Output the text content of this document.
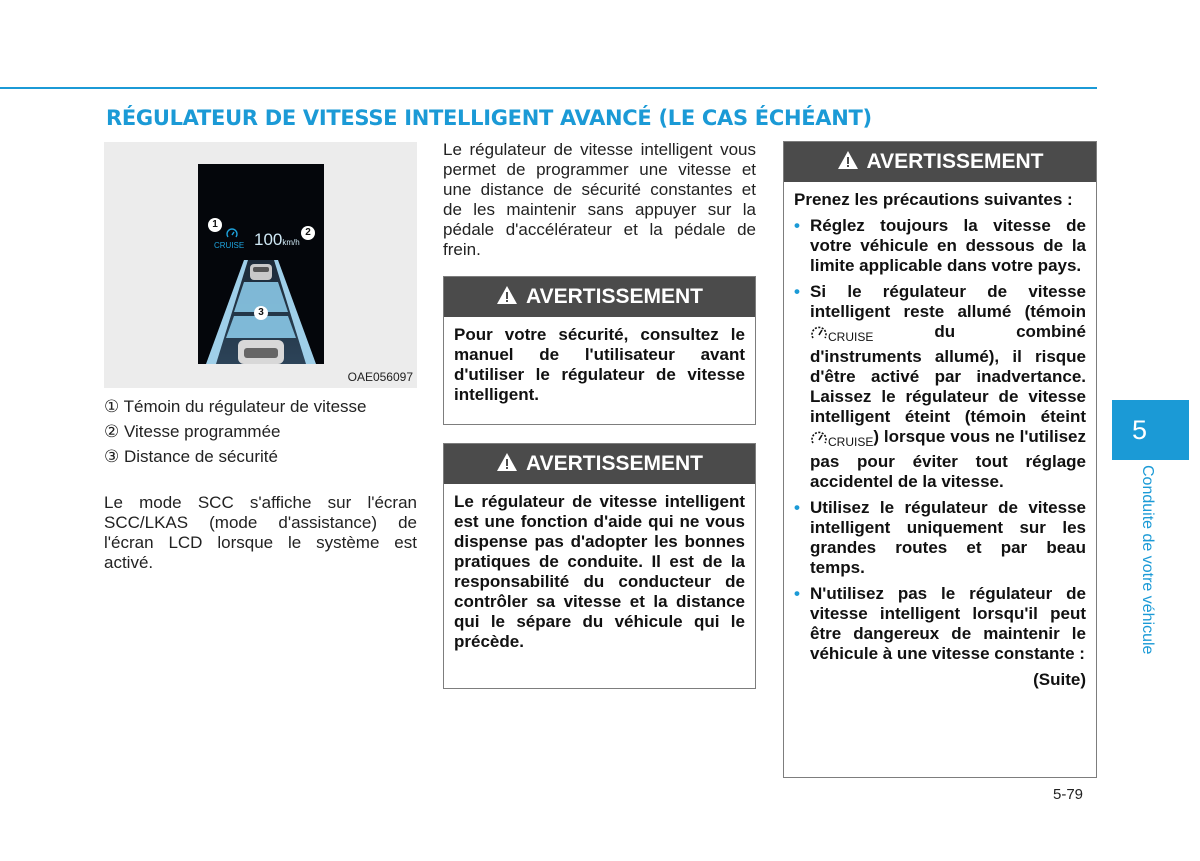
RÉGULATEUR DE VITESSE INTELLIGENT AVANCÉ (LE CAS ÉCHÉANT)
1
2
3
CRUISE 100km/h
OAE056097
① Témoin du régulateur de vitesse
② Vitesse programmée
③ Distance de sécurité

Le mode SCC s'affiche sur l'écran SCC/LKAS (mode d'assistance) de l'écran LCD lorsque le système est activé.

Le régulateur de vitesse intelligent vous permet de programmer une vitesse et une distance de sécurité constantes et de les maintenir sans appuyer sur la pédale d'accélérateur et la pédale de frein.

AVERTISSEMENT

Pour votre sécurité, consultez le manuel de l'utilisateur avant d'utiliser le régulateur de vitesse intelligent.

AVERTISSEMENT

Le régulateur de vitesse intelligent est une fonction d'aide qui ne vous dispense pas d'adopter les bonnes pratiques de conduite. Il est de la responsabilité du conducteur de contrôler sa vitesse et la distance qui le sépare du véhicule qui le précède.

AVERTISSEMENT

Prenez les précautions suivantes :

• Réglez toujours la vitesse de votre véhicule en dessous de la limite applicable dans votre pays.
• Si le régulateur de vitesse intelligent reste allumé (témoin CRUISE	du combiné d'instruments allumé), il risque d'être activé par inadvertance. Laissez le régulateur de vitesse intelligent éteint (témoin éteint CRUISE) lorsque vous ne l'utilisez pas pour éviter tout réglage accidentel de la vitesse.
• Utilisez le régulateur de vitesse intelligent uniquement sur les grandes routes et par beau temps.
• N'utilisez pas le régulateur de vitesse intelligent lorsqu'il peut être dangereux de maintenir le véhicule à une vitesse constante :

(Suite)

5
Conduite de votre véhicule
5-79
